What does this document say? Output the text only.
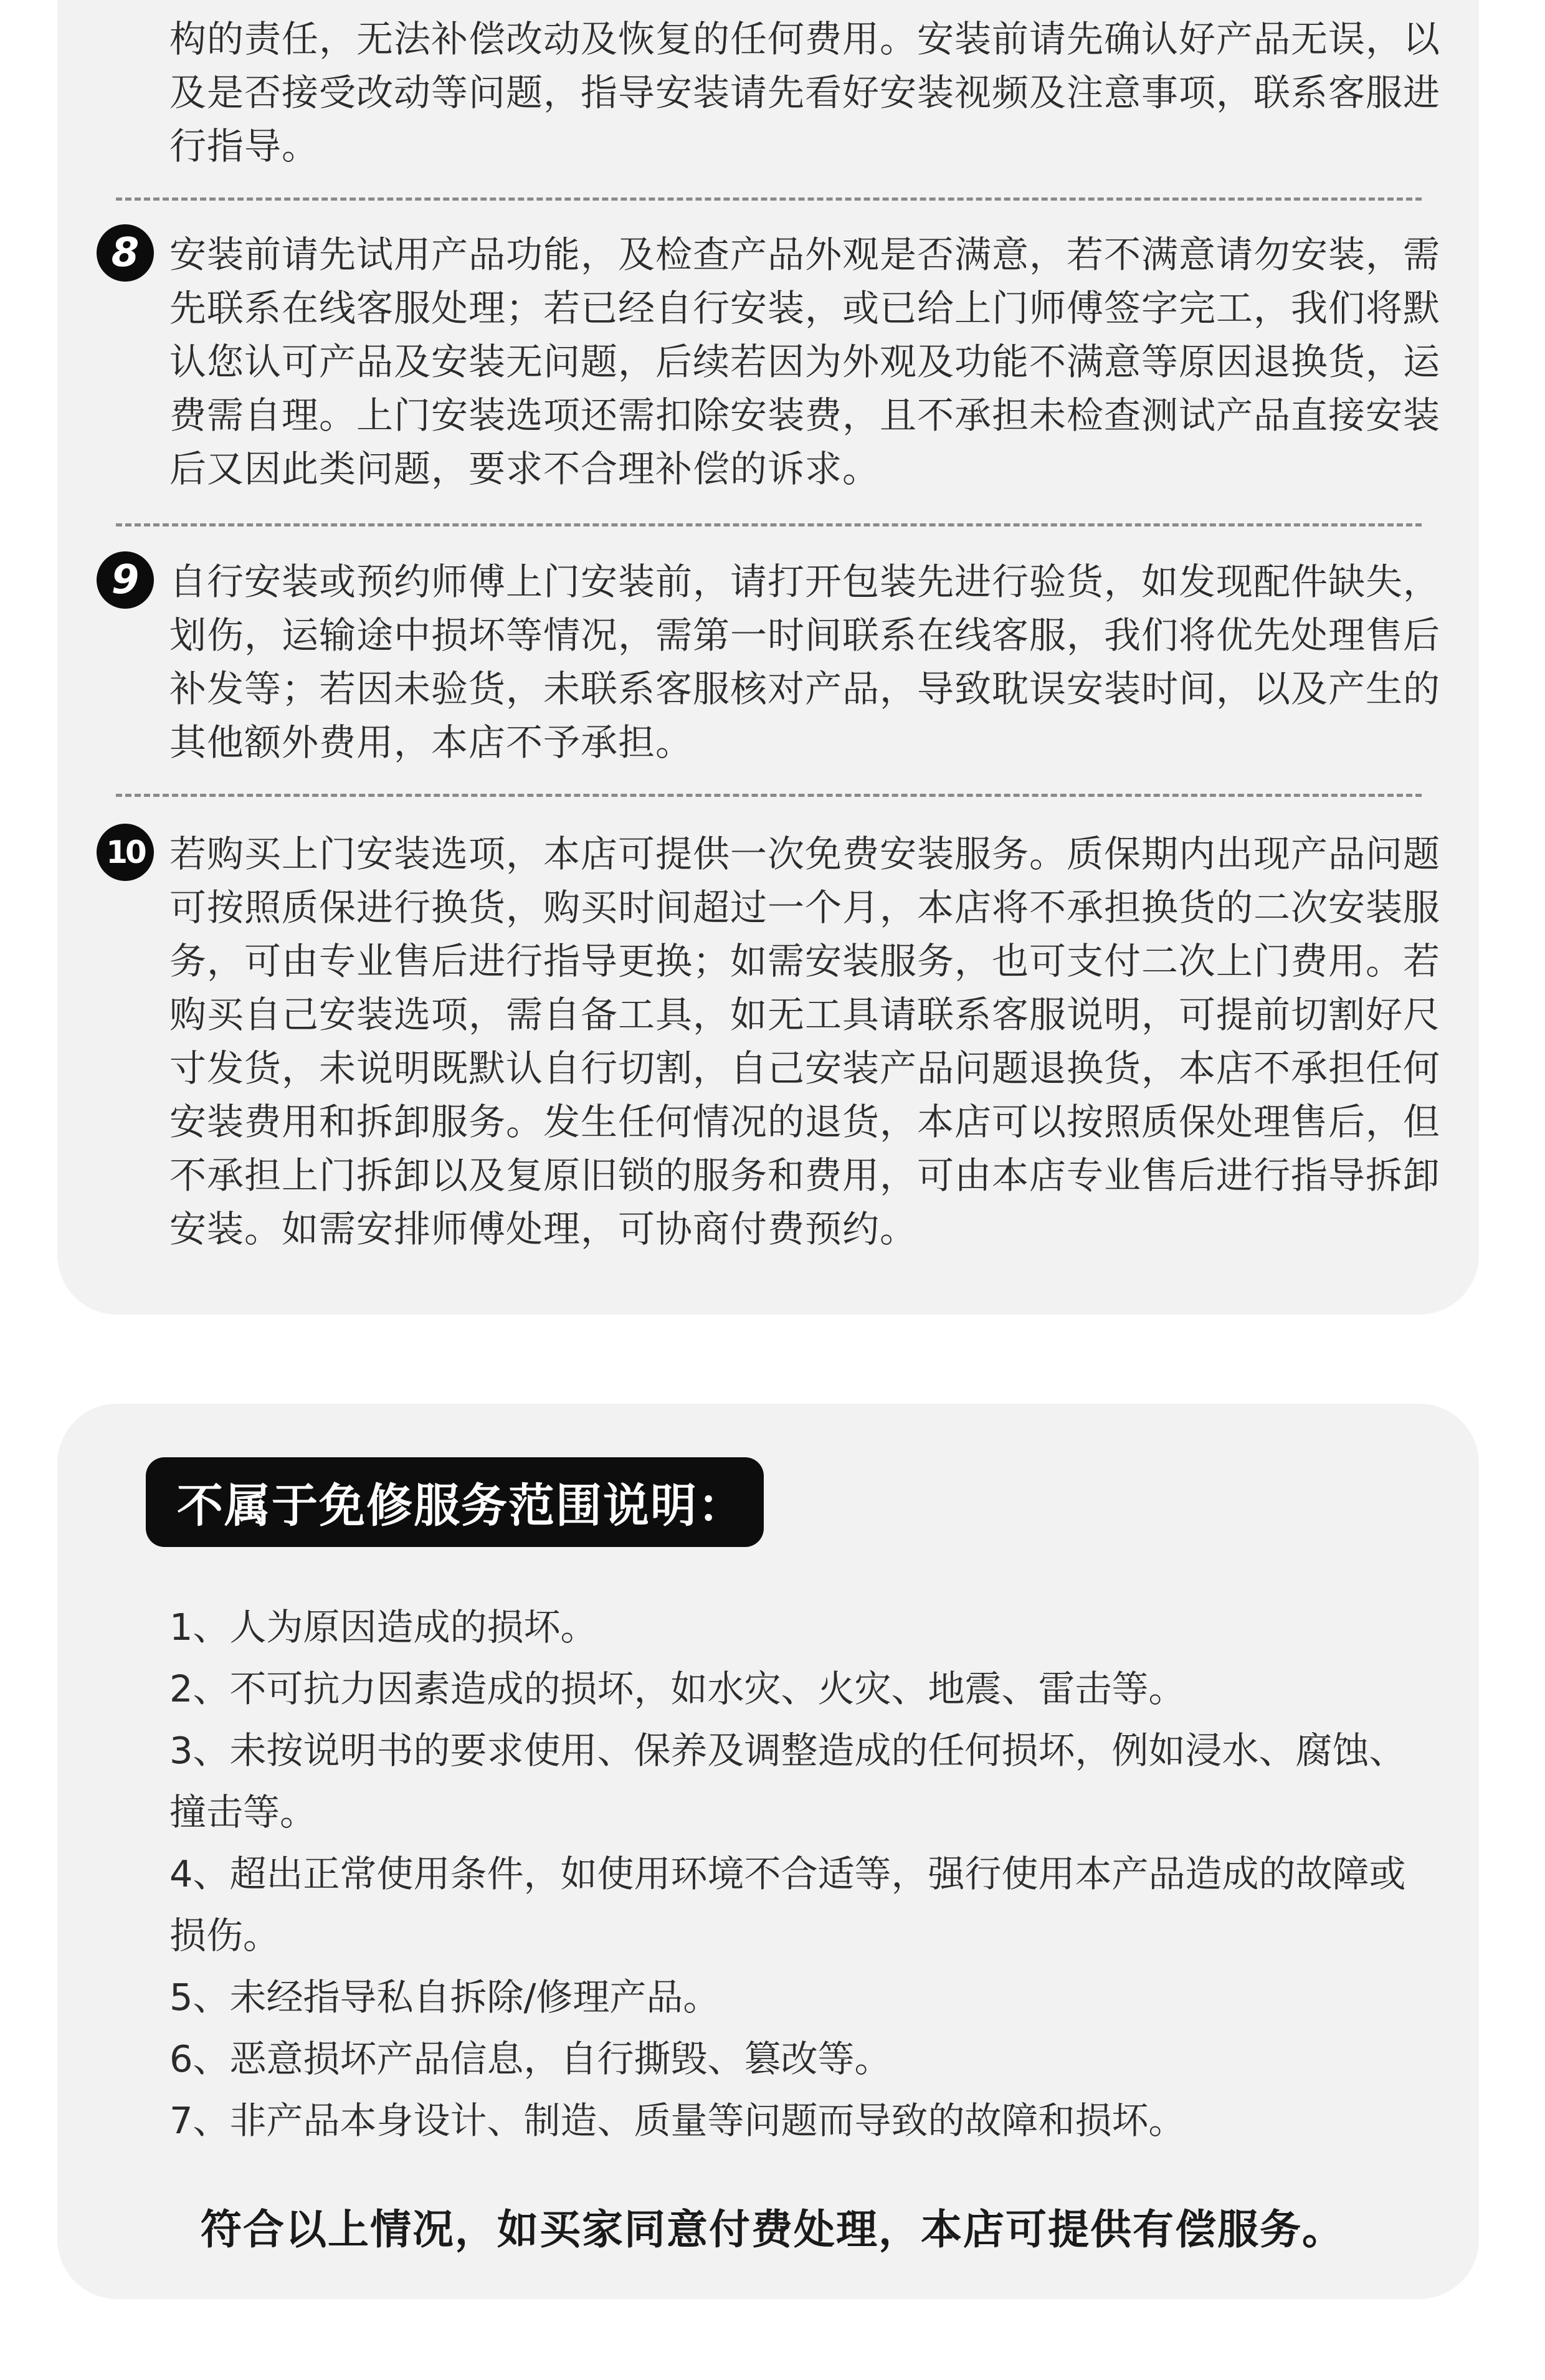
构的责任，无法补偿改动及恢复的任何费用。安装前请先确认好产品无误，以及是否接受改动等问题，指导安装请先看好安装视频及注意事项，联系客服进行指导。

8 安装前请先试用产品功能，及检查产品外观是否满意，若不满意请勿安装，需先联系在线客服处理；若已经自行安装，或已给上门师傅签字完工，我们将默认您认可产品及安装无问题，后续若因为外观及功能不满意等原因退换货，运费需自理。上门安装选项还需扣除安装费，且不承担未检查测试产品直接安装后又因此类问题，要求不合理补偿的诉求。

9 自行安装或预约师傅上门安装前，请打开包装先进行验货，如发现配件缺失，划伤，运输途中损坏等情况，需第一时间联系在线客服，我们将优先处理售后补发等；若因未验货，未联系客服核对产品，导致耽误安装时间，以及产生的其他额外费用，本店不予承担。

10 若购买上门安装选项，本店可提供一次免费安装服务。质保期内出现产品问题可按照质保进行换货，购买时间超过一个月，本店将不承担换货的二次安装服务，可由专业售后进行指导更换；如需安装服务，也可支付二次上门费用。若购买自己安装选项，需自备工具，如无工具请联系客服说明，可提前切割好尺寸发货，未说明既默认自行切割，自己安装产品问题退换货，本店不承担任何安装费用和拆卸服务。发生任何情况的退货，本店可以按照质保处理售后，但不承担上门拆卸以及复原旧锁的服务和费用，可由本店专业售后进行指导拆卸安装。如需安排师傅处理，可协商付费预约。

不属于免修服务范围说明：
1、人为原因造成的损坏。
2、不可抗力因素造成的损坏，如水灾、火灾、地震、雷击等。
3、未按说明书的要求使用、保养及调整造成的任何损坏，例如浸水、腐蚀、撞击等。
4、超出正常使用条件，如使用环境不合适等，强行使用本产品造成的故障或损伤。
5、未经指导私自拆除/修理产品。
6、恶意损坏产品信息，自行撕毁、篡改等。
7、非产品本身设计、制造、质量等问题而导致的故障和损坏。
符合以上情况，如买家同意付费处理，本店可提供有偿服务。
